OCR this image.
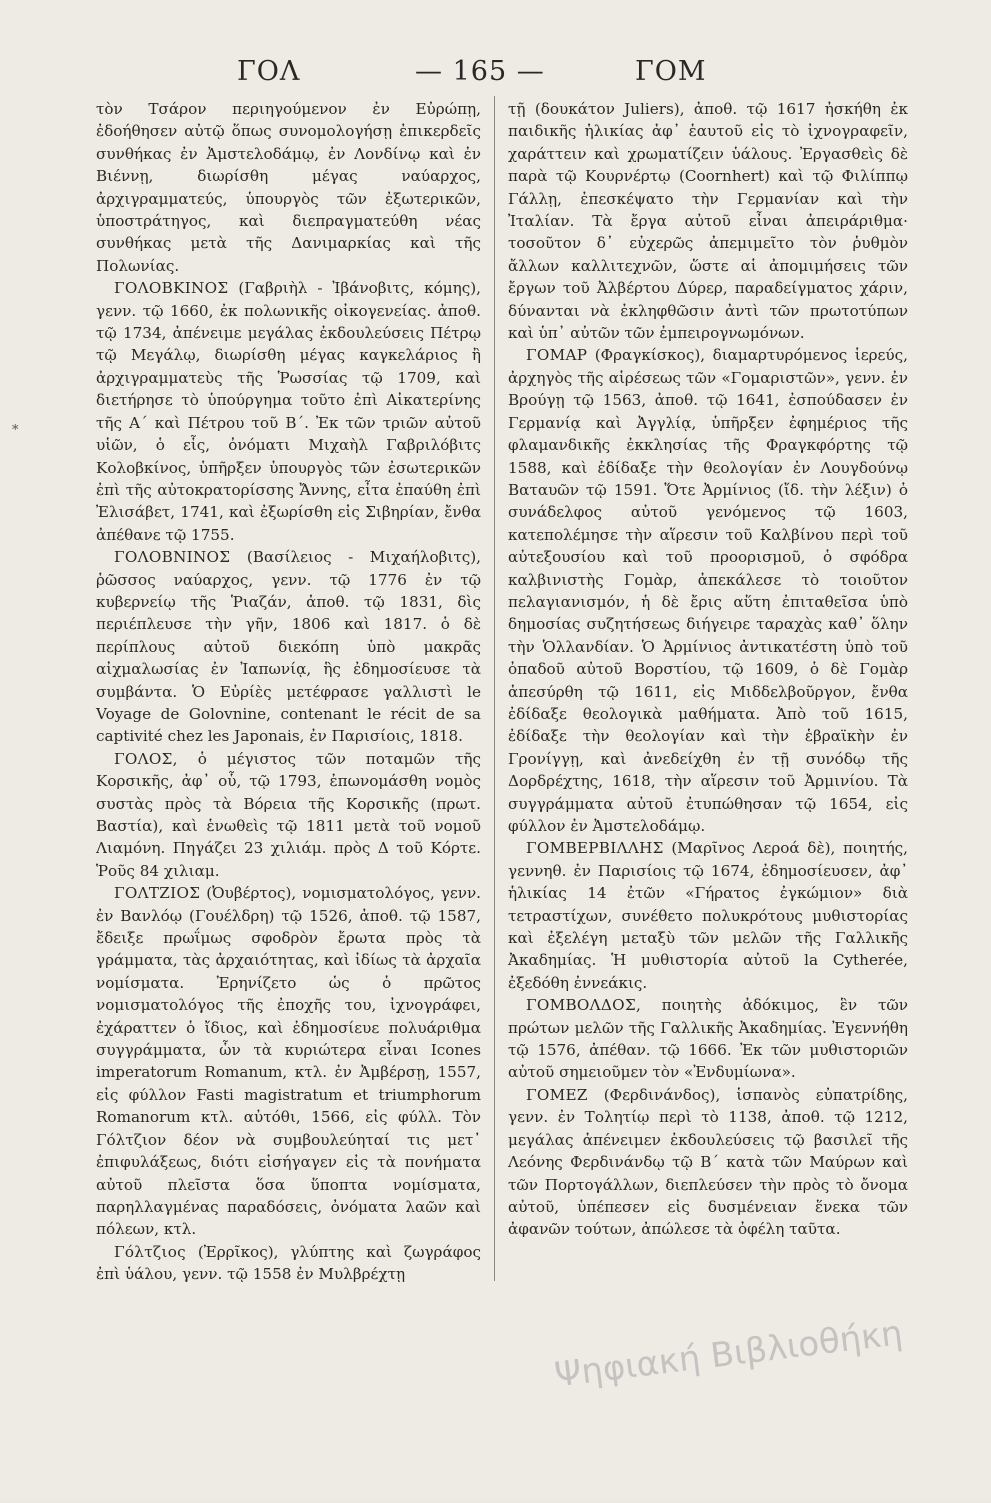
ΓΟΛ	— 165 —	ΓΟΜ
*

τὸν Τσάρον περιηγούμενον ἐν Εὐρώπῃ, ἐδοήθησεν αὐτῷ ὅπως συνομολογήσῃ ἐπικερδεῖς συνθήκας ἐν Ἀμστελοδάμῳ, ἐν Λονδίνῳ καὶ ἐν Βιέννῃ, διωρίσθη μέγας ναύαρχος, ἀρχιγραμματεύς, ὑπουργὸς τῶν ἐξωτερικῶν, ὑποστράτηγος, καὶ διεπραγματεύθη νέας συνθήκας μετὰ τῆς Δανιμαρκίας καὶ τῆς Πολωνίας.

ΓΟΛΟΒΚΙΝΟΣ (Γαβριὴλ - Ἰβάνοβιτς, κόμης), γενν. τῷ 1660, ἐκ πολωνικῆς οἰκογενείας. ἀποθ. τῷ 1734, ἀπένειμε μεγάλας ἐκδουλεύσεις Πέτρῳ τῷ Μεγάλῳ, διωρίσθη μέγας καγκελάριος ἢ ἀρχιγραμματεὺς τῆς Ῥωσσίας τῷ 1709, καὶ διετήρησε τὸ ὑπούργημα τοῦτο ἐπὶ Αἰκατερίνης τῆς Α΄ καὶ Πέτρου τοῦ Β΄. Ἐκ τῶν τριῶν αὐτοῦ υἱῶν, ὁ εἷς, ὀνόματι Μιχαὴλ Γαβριλόβιτς Κολοβκίνος, ὑπῆρξεν ὑπουργὸς τῶν ἐσωτερικῶν ἐπὶ τῆς αὐτοκρατορίσσης Ἄννης, εἶτα ἐπαύθη ἐπὶ Ἐλισάβετ, 1741, καὶ ἐξωρίσθη εἰς Σιβηρίαν, ἔνθα ἀπέθανε τῷ 1755.

ΓΟΛΟΒΝΙΝΟΣ (Βασίλειος - Μιχαήλοβιτς), ῥῶσσος ναύαρχος, γενν. τῷ 1776 ἐν τῷ κυβερνείῳ τῆς Ῥιαζάν, ἀποθ. τῷ 1831, δὶς περιέπλευσε τὴν γῆν, 1806 καὶ 1817. ὁ δὲ περίπλους αὐτοῦ διεκόπη ὑπὸ μακρᾶς αἰχμαλωσίας ἐν Ἰαπωνίᾳ, ἣς ἐδημοσίευσε τὰ συμβάντα. Ὁ Εὐρίὲς μετέφρασε γαλλιστὶ le Voyage de Golovnine, contenant le récit de sa captivité chez les Japonais, ἐν Παρισίοις, 1818.

ΓΟΛΟΣ, ὁ μέγιστος τῶν ποταμῶν τῆς Κορσικῆς, ἀφ᾽ οὗ, τῷ 1793, ἐπωνομάσθη νομὸς συστὰς πρὸς τὰ Βόρεια τῆς Κορσικῆς (πρωτ. Βαστία), καὶ ἑνωθεὶς τῷ 1811 μετὰ τοῦ νομοῦ Λιαμόνη. Πηγάζει 23 χιλιάμ. πρὸς Δ τοῦ Κόρτε. Ῥοῦς 84 χιλιαμ.

ΓΟΛΤΖΙΟΣ (Ὀυβέρτος), νομισματολόγος, γενν. ἐν Βανλόῳ (Γουέλδρη) τῷ 1526, ἀποθ. τῷ 1587, ἔδειξε πρωΐμως σφοδρὸν ἔρωτα πρὸς τὰ γράμματα, τὰς ἀρχαιότητας, καὶ ἰδίως τὰ ἀρχαῖα νομίσματα. Ἐρηνίζετο ὡς ὁ πρῶτος νομισματολόγος τῆς ἐποχῆς του, ἰχνογράφει, ἐχάραττεν ὁ ἴδιος, καὶ ἐδημοσίευε πολυάριθμα συγγράμματα, ὧν τὰ κυριώτερα εἶναι Icones imperatorum Romanum, κτλ. ἐν Ἀμβέρσῃ, 1557, εἰς φύλλον Fasti magistratum et triumphorum Romanorum κτλ. αὐτόθι, 1566, εἰς φύλλ. Τὸν Γόλτζιον δέον νὰ συμβουλεύηταί τις μετ᾽ ἐπιφυλάξεως, διότι εἰσήγαγεν εἰς τὰ πονήματα αὐτοῦ πλεῖστα ὅσα ὕποπτα νομίσματα, παρηλλαγμένας παραδόσεις, ὀνόματα λαῶν καὶ πόλεων, κτλ.

Γόλτζιος (Ἐρρῖκος), γλύπτης καὶ ζωγράφος ἐπὶ ὑάλου, γενν. τῷ 1558 ἐν Μυλβρέχτῃ

τῇ (δουκάτον Juliers), ἀποθ. τῷ 1617 ἠσκήθη ἐκ παιδικῆς ἡλικίας ἀφ᾽ ἑαυτοῦ εἰς τὸ ἰχνογραφεῖν, χαράττειν καὶ χρωματίζειν ὑάλους. Ἐργασθεὶς δὲ παρὰ τῷ Κουρνέρτῳ (Coornhert) καὶ τῷ Φιλίππῳ Γάλλῃ, ἐπεσκέψατο τὴν Γερμανίαν καὶ τὴν Ἰταλίαν. Τὰ ἔργα αὐτοῦ εἶναι ἀπειράριθμα· τοσοῦτον δ᾽ εὐχερῶς ἀπεμιμεῖτο τὸν ῥυθμὸν ἄλλων καλλιτεχνῶν, ὥστε αἱ ἀπομιμήσεις τῶν ἔργων τοῦ Ἀλβέρτου Δύρερ, παραδείγματος χάριν, δύνανται νὰ ἐκληφθῶσιν ἀντὶ τῶν πρωτοτύπων καὶ ὑπ᾽ αὐτῶν τῶν ἐμπειρογνωμόνων.

ΓΟΜΑΡ (Φραγκίσκος), διαμαρτυρόμενος ἱερεύς, ἀρχηγὸς τῆς αἱρέσεως τῶν «Γομαριστῶν», γενν. ἐν Βρούγῃ τῷ 1563, ἀποθ. τῷ 1641, ἐσπούδασεν ἐν Γερμανίᾳ καὶ Ἀγγλίᾳ, ὑπῆρξεν ἐφημέριος τῆς φλαμανδικῆς ἐκκλησίας τῆς Φραγκφόρτης τῷ 1588, καὶ ἐδίδαξε τὴν θεολογίαν ἐν Λουγδούνῳ Βαταυῶν τῷ 1591. Ὅτε Ἀρμίνιος (ἴδ. τὴν λέξιν) ὁ συνάδελφος αὐτοῦ γενόμενος τῷ 1603, κατεπολέμησε τὴν αἵρεσιν τοῦ Καλβίνου περὶ τοῦ αὐτεξουσίου καὶ τοῦ προορισμοῦ, ὁ σφόδρα καλβινιστὴς Γομὰρ, ἀπεκάλεσε τὸ τοιοῦτον πελαγιανισμόν, ἡ δὲ ἔρις αὕτη ἐπιταθεῖσα ὑπὸ δημοσίας συζητήσεως διήγειρε ταραχὰς καθ᾽ ὅλην τὴν Ὁλλανδίαν. Ὁ Ἀρμίνιος ἀντικατέστη ὑπὸ τοῦ ὀπαδοῦ αὐτοῦ Βορστίου, τῷ 1609, ὁ δὲ Γομὰρ ἀπεσύρθη τῷ 1611, εἰς Μιδδελβοῦργον, ἔνθα ἐδίδαξε θεολογικὰ μαθήματα. Ἀπὸ τοῦ 1615, ἐδίδαξε τὴν θεολογίαν καὶ τὴν ἑβραϊκὴν ἐν Γρονίγγῃ, καὶ ἀνεδείχθη ἐν τῇ συνόδῳ τῆς Δορδρέχτης, 1618, τὴν αἵρεσιν τοῦ Ἀρμινίου. Τὰ συγγράμματα αὐτοῦ ἐτυπώθησαν τῷ 1654, εἰς φύλλον ἐν Ἀμστελοδάμῳ.

ΓΟΜΒΕΡΒΙΛΛΗΣ (Μαρῖνος Λεροά δὲ), ποιητής, γεννηθ. ἐν Παρισίοις τῷ 1674, ἐδημοσίευσεν, ἀφ᾽ ἡλικίας 14 ἐτῶν «Γήρατος ἐγκώμιον» διὰ τετραστίχων, συνέθετο πολυκρότους μυθιστορίας καὶ ἐξελέγη μεταξὺ τῶν μελῶν τῆς Γαλλικῆς Ἀκαδημίας. Ἡ μυθιστορία αὐτοῦ la Cytherée, ἐξεδόθη ἐννεάκις.

ΓΟΜΒΟΛΔΟΣ, ποιητὴς ἀδόκιμος, ἓν τῶν πρώτων μελῶν τῆς Γαλλικῆς Ἀκαδημίας. Ἐγεννήθη τῷ 1576, ἀπέθαν. τῷ 1666. Ἐκ τῶν μυθιστοριῶν αὐτοῦ σημειοῦμεν τὸν «Ἐνδυμίωνα».

ΓΟΜΕΖ (Φερδινάνδος), ἱσπανὸς εὐπατρίδης, γενν. ἐν Τολητίῳ περὶ τὸ 1138, ἀποθ. τῷ 1212, μεγάλας ἀπένειμεν ἐκδουλεύσεις τῷ βασιλεῖ τῆς Λεόνης Φερδινάνδῳ τῷ Β΄ κατὰ τῶν Μαύρων καὶ τῶν Πορτογάλλων, διεπλεύσεν τὴν πρὸς τὸ ὄνομα αὐτοῦ, ὑπέπεσεν εἰς δυσμένειαν ἕνεκα τῶν ἀφανῶν τούτων, ἀπώλεσε τὰ ὀφέλη ταῦτα.

Ψηφιακή Βιβλιοθήκη
